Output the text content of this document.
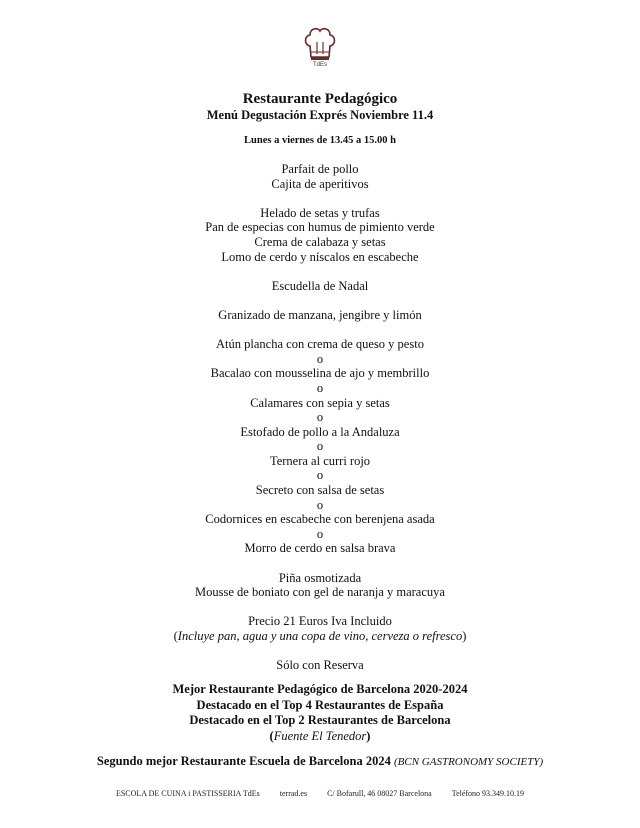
TdEs
Restaurante Pedagógico
Menú Degustación Exprés Noviembre 11.4
Lunes a viernes de 13.45 a 15.00 h
Parfait de pollo
Cajita de aperitivos
Helado de setas y trufas
Pan de especias con humus de pimiento verde
Crema de calabaza y setas
Lomo de cerdo y níscalos en escabeche
Escudella de Nadal
Granizado de manzana, jengibre y limón
Atún plancha con crema de queso y pesto
o
Bacalao con mousselina de ajo y membrillo
o
Calamares con sepia y setas
o
Estofado de pollo a la Andaluza
o
Ternera al curri rojo
o
Secreto con salsa de setas
o
Codornices en escabeche con berenjena asada
o
Morro de cerdo en salsa brava
Piña osmotizada
Mousse de boniato con gel de naranja y maracuya
Precio 21 Euros Iva Incluido
(Incluye pan, agua y una copa de vino, cerveza o refresco)
Sólo con Reserva
Mejor Restaurante Pedagógico de Barcelona 2020-2024
Destacado en el Top 4 Restaurantes de España
Destacado en el Top 2 Restaurantes de Barcelona
(Fuente El Tenedor)
Segundo mejor Restaurante Escuela de Barcelona 2024 (BCN GASTRONOMY SOCIETY)
ESCOLA DE CUINA i PASTISSERIA TdEs	terrad.es	C/ Bofarull, 46 08027 Barcelona	Teléfono 93.349.10.19
